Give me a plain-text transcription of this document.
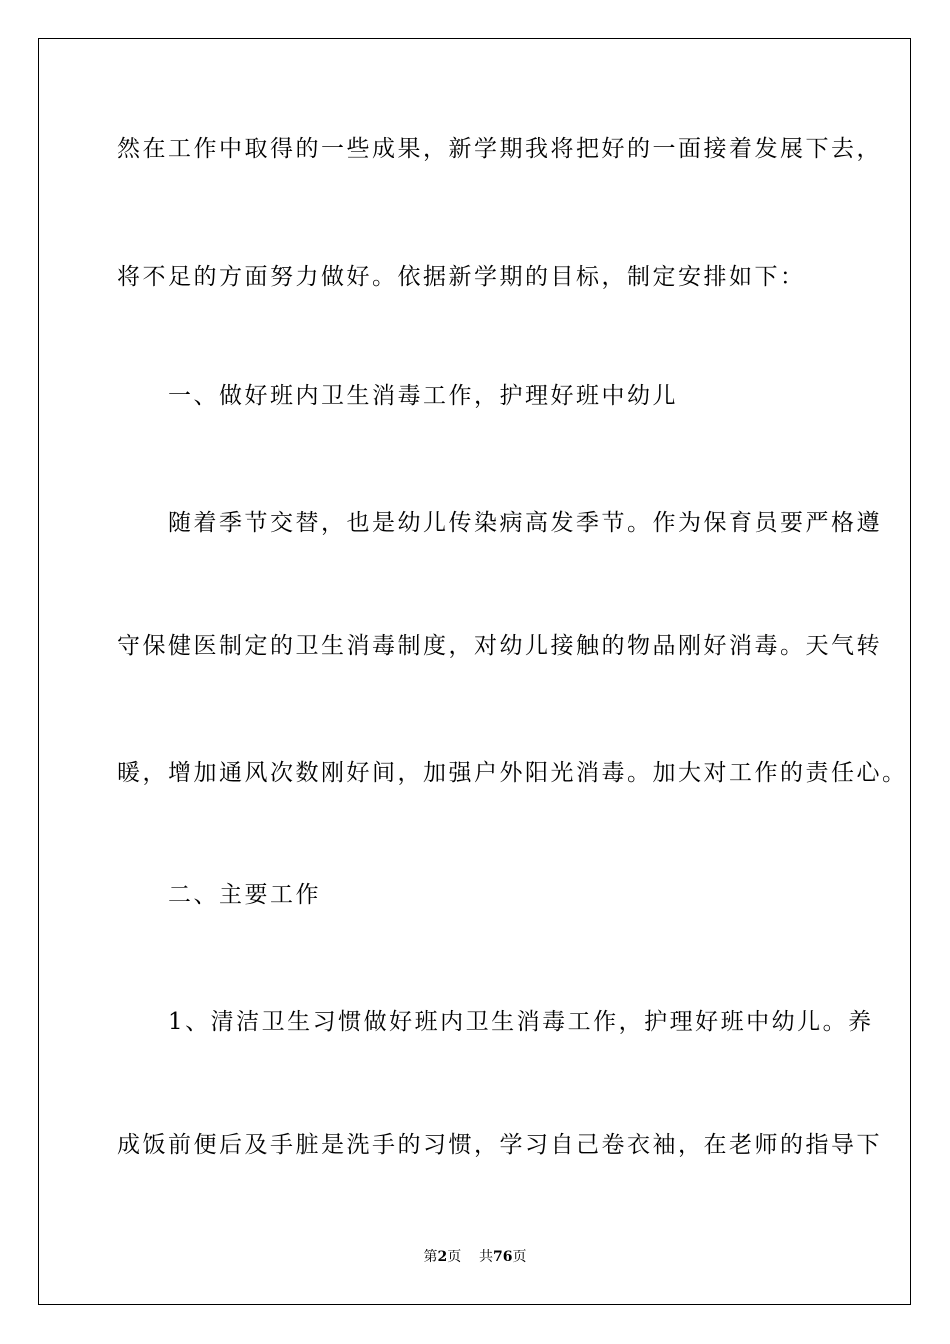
然在工作中取得的一些成果，新学期我将把好的一面接着发展下去，
将不足的方面努力做好。依据新学期的目标，制定安排如下：
　　一、做好班内卫生消毒工作，护理好班中幼儿
　　随着季节交替，也是幼儿传染病高发季节。作为保育员要严格遵
守保健医制定的卫生消毒制度，对幼儿接触的物品刚好消毒。天气转
暖，增加通风次数刚好间，加强户外阳光消毒。加大对工作的责任心。
　　二、主要工作
　　1、清洁卫生习惯做好班内卫生消毒工作，护理好班中幼儿。养
成饭前便后及手脏是洗手的习惯，学习自己卷衣袖，在老师的指导下
第2页 共76页
